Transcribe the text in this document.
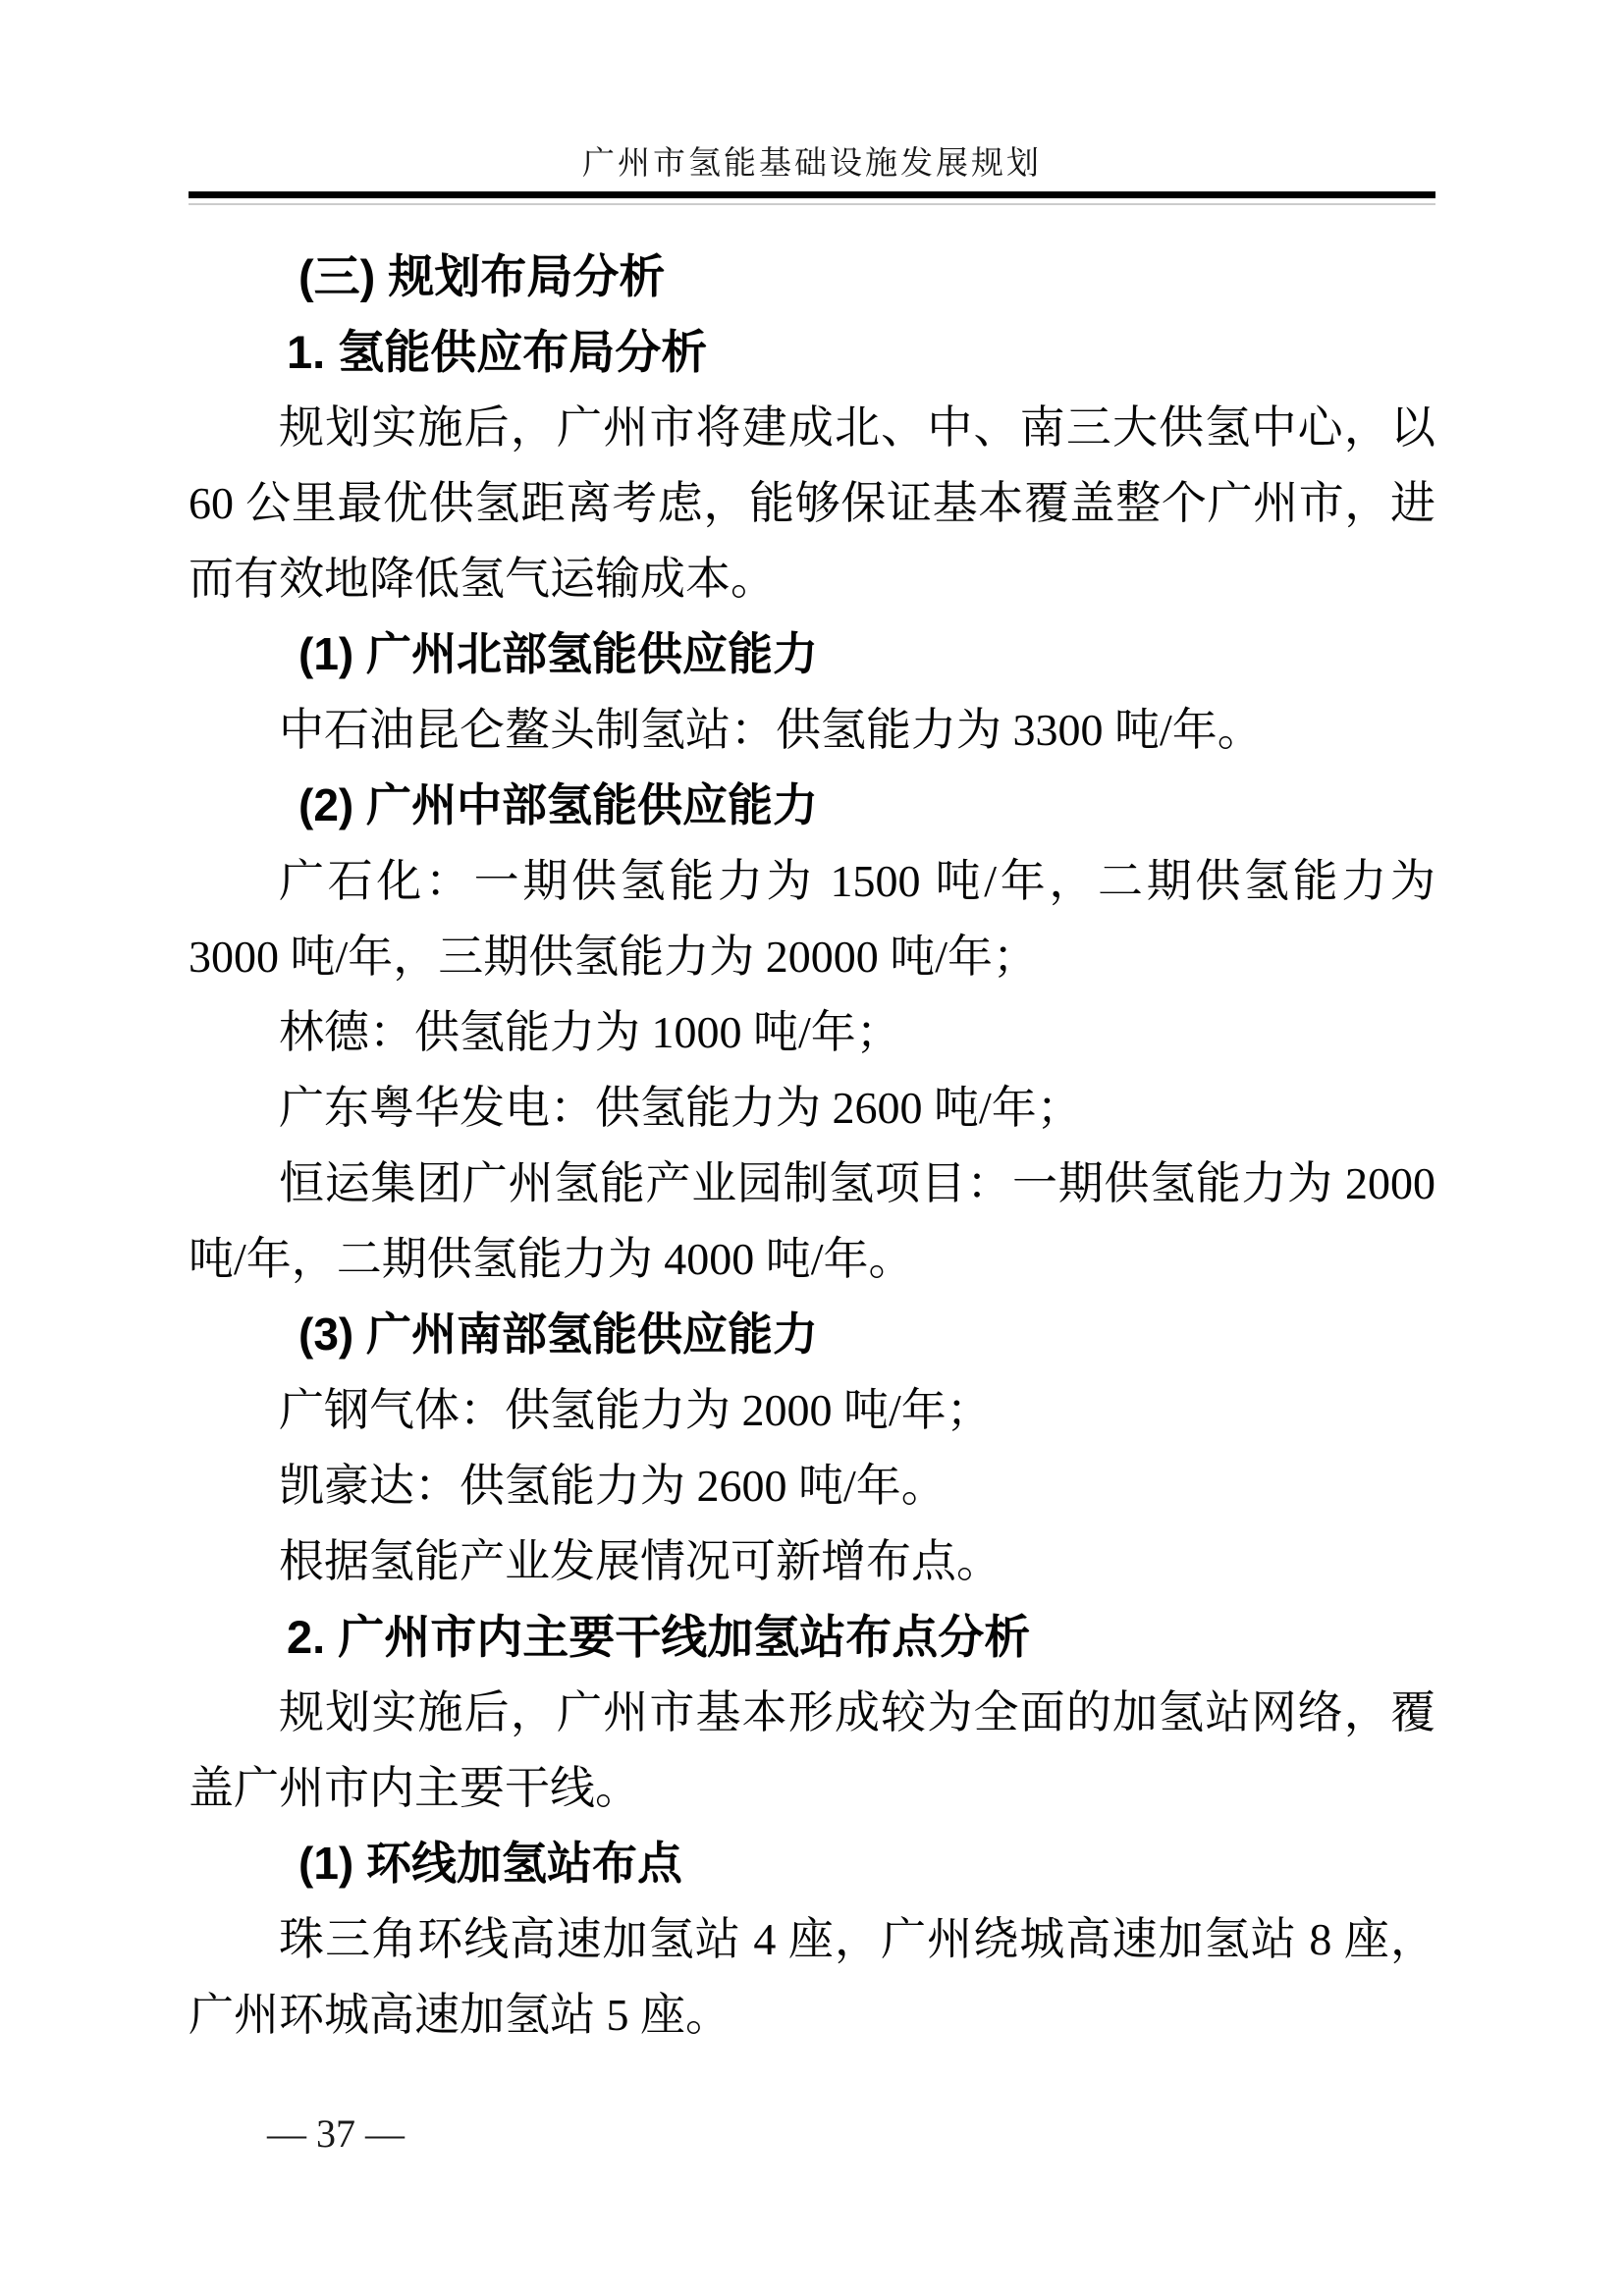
广州市氢能基础设施发展规划
(三) 规划布局分析
1. 氢能供应布局分析
规划实施后，广州市将建成北、中、南三大供氢中心，以 60 公里最优供氢距离考虑，能够保证基本覆盖整个广州市，进而有效地降低氢气运输成本。
(1) 广州北部氢能供应能力
中石油昆仑鳌头制氢站：供氢能力为 3300 吨/年。
(2) 广州中部氢能供应能力
广石化：一期供氢能力为 1500 吨/年，二期供氢能力为 3000 吨/年，三期供氢能力为 20000 吨/年；
林德：供氢能力为 1000 吨/年；
广东粤华发电：供氢能力为 2600 吨/年；
恒运集团广州氢能产业园制氢项目：一期供氢能力为 2000 吨/年，二期供氢能力为 4000 吨/年。
(3) 广州南部氢能供应能力
广钢气体：供氢能力为 2000 吨/年；
凯豪达：供氢能力为 2600 吨/年。
根据氢能产业发展情况可新增布点。
2. 广州市内主要干线加氢站布点分析
规划实施后，广州市基本形成较为全面的加氢站网络，覆盖广州市内主要干线。
(1) 环线加氢站布点
珠三角环线高速加氢站 4 座，广州绕城高速加氢站 8 座，广州环城高速加氢站 5 座。
— 37 —
